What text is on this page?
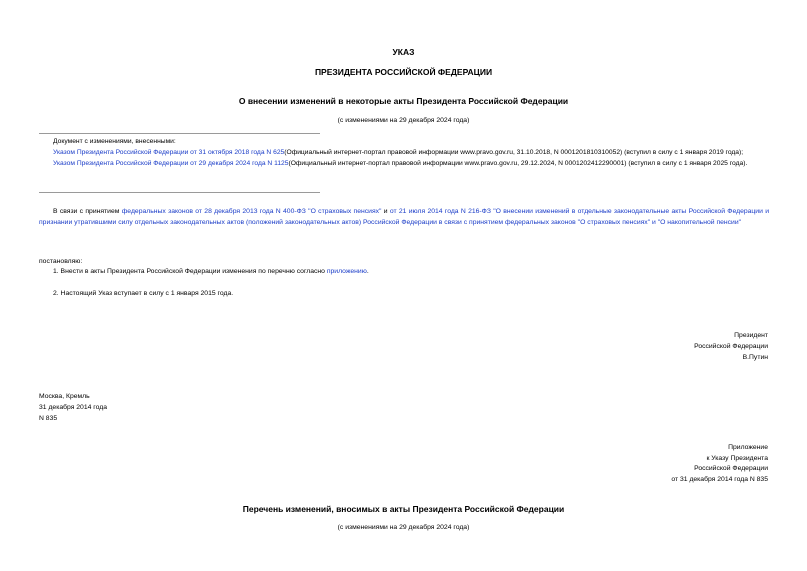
УКАЗ
ПРЕЗИДЕНТА РОССИЙСКОЙ ФЕДЕРАЦИИ
О внесении изменений в некоторые акты Президента Российской Федерации
(с изменениями на 29 декабря 2024 года)

Документ с изменениями, внесенными:

Указом Президента Российской Федерации от 31 октября 2018 года N 625(Официальный интернет-портал правовой информации www.pravo.gov.ru, 31.10.2018, N 0001201810310052) (вступил в силу с 1 января 2019 года);

Указом Президента Российской Федерации от 29 декабря 2024 года N 1125(Официальный интернет-портал правовой информации www.pravo.gov.ru, 29.12.2024, N 0001202412290001) (вступил в силу с 1 января 2025 года).

В связи с принятием федеральных законов от 28 декабря 2013 года N 400-ФЗ "О страховых пенсиях" и от 21 июля 2014 года N 216-ФЗ "О внесении изменений в отдельные законодательные акты Российской Федерации и признании утратившими силу отдельных законодательных актов (положений законодательных актов) Российской Федерации в связи с принятием федеральных законов "О страховых пенсиях" и "О накопительной пенсии"
постановляю:
1. Внести в акты Президента Российской Федерации изменения по перечню согласно приложению.
2. Настоящий Указ вступает в силу с 1 января 2015 года.
Президент
Российской Федерации
В.Путин
Москва, Кремль
31 декабря 2014 года
N 835
Приложение
к Указу Президента
Российской Федерации
от 31 декабря 2014 года N 835
Перечень изменений, вносимых в акты Президента Российской Федерации
(с изменениями на 29 декабря 2024 года)
